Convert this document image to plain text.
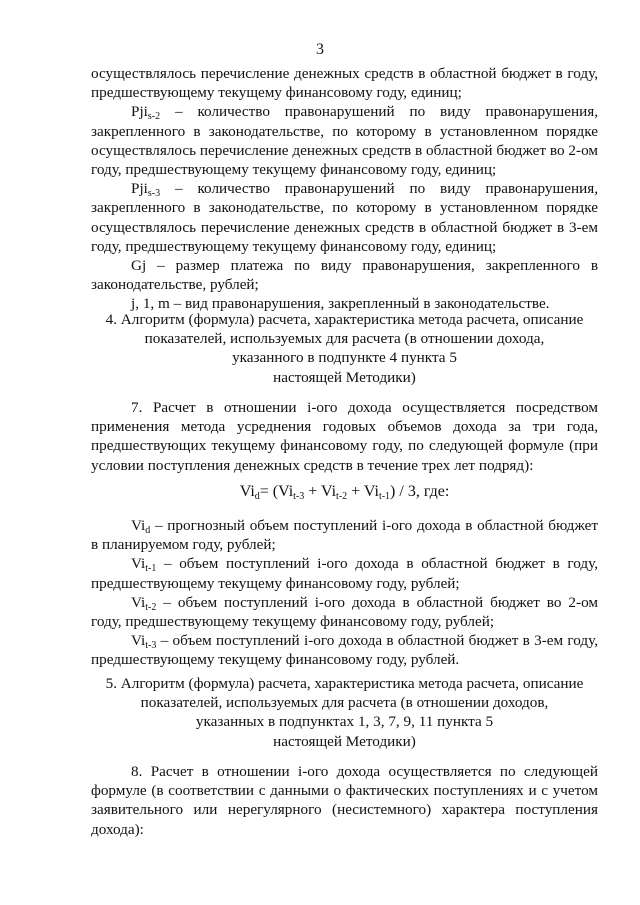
3

осуществлялось перечисление денежных средств в областной бюджет в году, предшествующему текущему финансовому году, единиц;

Pji$_{s-2}$ – количество правонарушений по виду правонарушения, закрепленного в законодательстве, по которому в установленном порядке осуществлялось перечисление денежных средств в областной бюджет во 2-ом году, предшествующему текущему финансовому году, единиц;

Pji$_{s-3}$ – количество правонарушений по виду правонарушения, закрепленного в законодательстве, по которому в установленном порядке осуществлялось перечисление денежных средств в областной бюджет в 3-ем году, предшествующему текущему финансовому году, единиц;

Gj – размер платежа по виду правонарушения, закрепленного в законодательстве, рублей;

j, 1, m – вид правонарушения, закрепленный в законодательстве.

4. Алгоритм (формула) расчета, характеристика метода расчета, описание

показателей, используемых для расчета (в отношении дохода,

указанного в подпункте 4 пункта 5

настоящей Методики)

7. Расчет в отношении i-ого дохода осуществляется посредством применения метода усреднения годовых объемов дохода за три года, предшествующих текущему финансовому году, по следующей формуле (при условии поступления денежных средств в течение трех лет подряд):

$Vi_d= (Vi_{t-3} + Vi_{t-2} + Vi_{t-1}) / 3$, где:

$Vi_d$ – прогнозный объем поступлений i-ого дохода в областной бюджет в планируемом году, рублей;

$Vi_{t-1}$ – объем поступлений i-ого дохода в областной бюджет в году, предшествующему текущему финансовому году, рублей;

$Vi_{t-2}$ – объем поступлений i-ого дохода в областной бюджет во 2-ом году, предшествующему текущему финансовому году, рублей;

$Vi_{t-3}$ – объем поступлений i-ого дохода в областной бюджет в 3-ем году, предшествующему текущему финансовому году, рублей.

5. Алгоритм (формула) расчета, характеристика метода расчета, описание

показателей, используемых для расчета (в отношении доходов,

указанных в подпунктах 1, 3, 7, 9, 11 пункта 5

настоящей Методики)

8. Расчет в отношении i-ого дохода осуществляется по следующей формуле (в соответствии с данными о фактических поступлениях и с учетом заявительного или нерегулярного (несистемного) характера поступления дохода):
